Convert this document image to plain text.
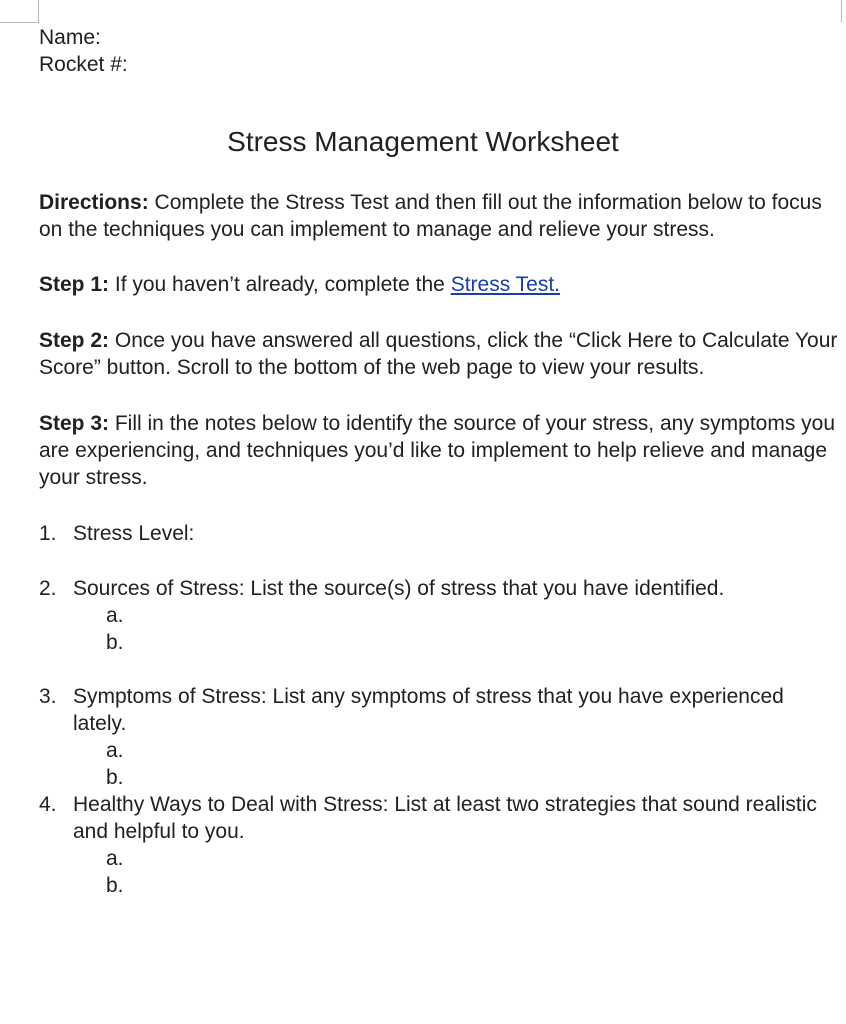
Name:

Rocket #:

Stress Management Worksheet

Directions: Complete the Stress Test and then fill out the information below to focus on the techniques you can implement to manage and relieve your stress.

Step 1: If you haven’t already, complete the Stress Test.

Step 2: Once you have answered all questions, click the “Click Here to Calculate Your Score” button. Scroll to the bottom of the web page to view your results.

Step 3: Fill in the notes below to identify the source of your stress, any symptoms you are experiencing, and techniques you’d like to implement to help relieve and manage your stress.

1. Stress Level:
2. Sources of Stress: List the source(s) of stress that you have identified.
a.
b.
3. Symptoms of Stress: List any symptoms of stress that you have experienced lately.
a.
b.
4. Healthy Ways to Deal with Stress: List at least two strategies that sound realistic and helpful to you.
a.
b.
